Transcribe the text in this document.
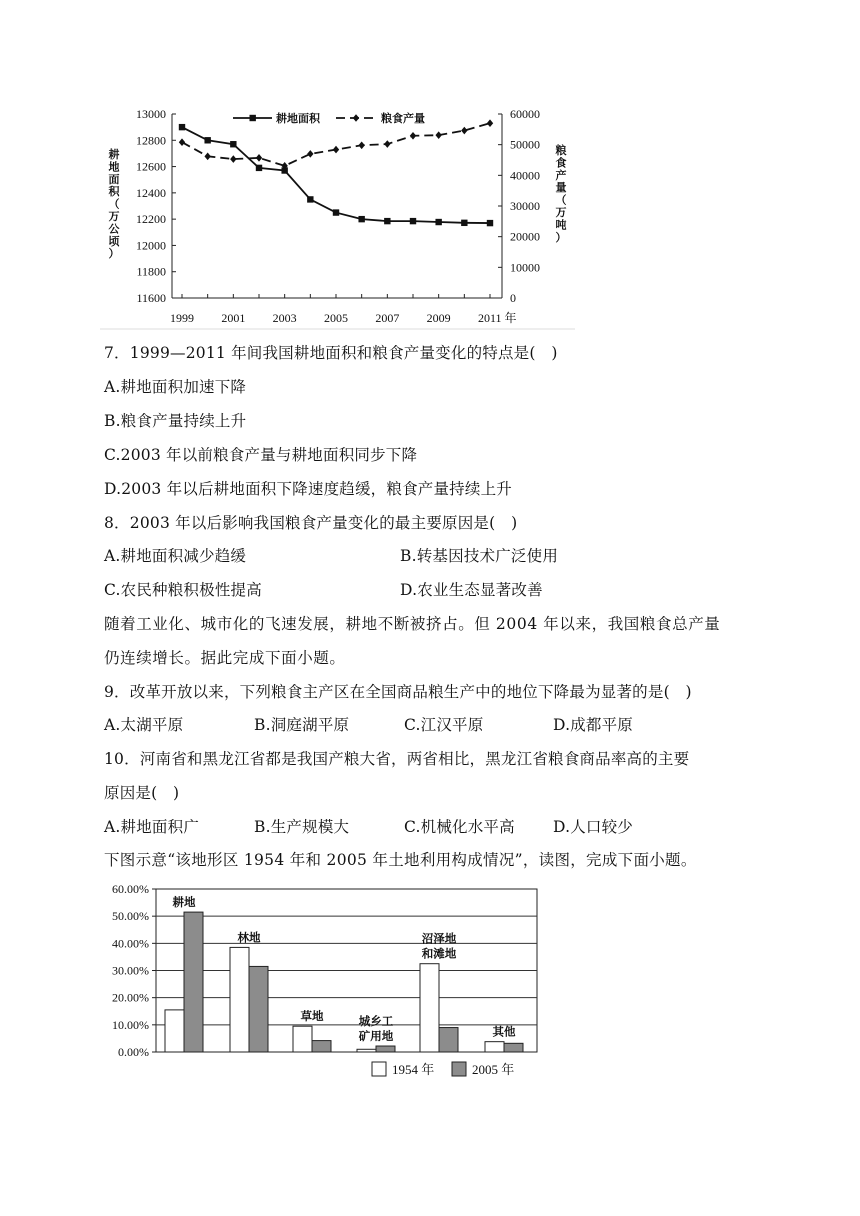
13000
12800
12600
12400
12200
12000
11800
11600
60000
50000
40000
30000
20000
10000
0
1999 2001 2003 2005 2007 2009 2011 年
耕地面积	粮食产量
耕
地
面
积
（
万
公
顷
）
粮
食
产
量
（
万
吨
）
7．1999—2011 年间我国耕地面积和粮食产量变化的特点是(　)
A.耕地面积加速下降
B.粮食产量持续上升
C.2003 年以前粮食产量与耕地面积同步下降
D.2003 年以后耕地面积下降速度趋缓，粮食产量持续上升
8．2003 年以后影响我国粮食产量变化的最主要原因是(　)
A.耕地面积减少趋缓	B.转基因技术广泛使用
C.农民种粮积极性提高	D.农业生态显著改善
随着工业化、城市化的飞速发展，耕地不断被挤占。但 2004 年以来，我国粮食总产量
仍连续增长。据此完成下面小题。
9．改革开放以来，下列粮食主产区在全国商品粮生产中的地位下降最为显著的是(　)
A.太湖平原	B.洞庭湖平原	C.江汉平原	D.成都平原
10．河南省和黑龙江省都是我国产粮大省，两省相比，黑龙江省粮食商品率高的主要
原因是(　)
A.耕地面积广	B.生产规模大	C.机械化水平高 D.人口较少
下图示意“该地形区 1954 年和 2005 年土地利用构成情况”，读图，完成下面小题。
60.00%
50.00%
40.00%
30.00%
20.00%
10.00%
0.00%
耕地
林地
草地	城乡工
矿用地
沼泽地
和滩地
其他
1954 年	2005 年
